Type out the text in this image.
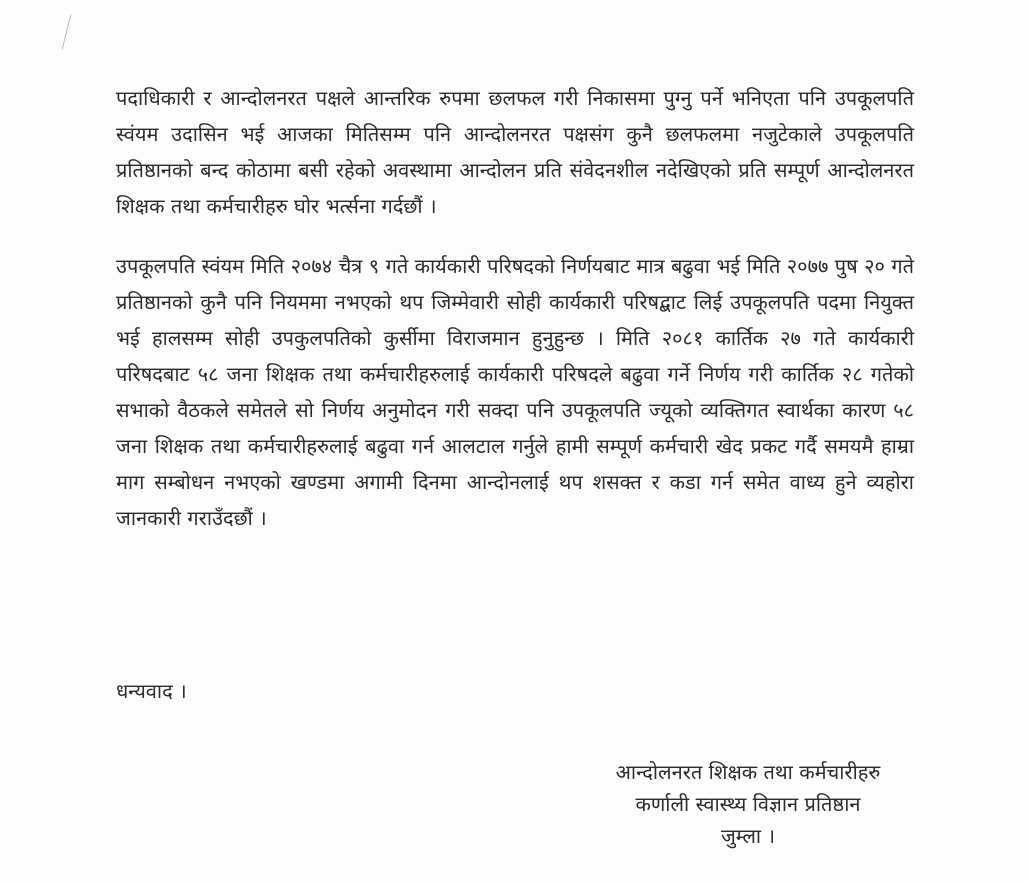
पदाधिकारी र आन्दोलनरत पक्षले आन्तरिक रुपमा छलफल गरी निकासमा पुग्नु पर्ने भनिएता पनि उपकूलपति स्वंयम उदासिन भई आजका मितिसम्म पनि आन्दोलनरत पक्षसंग कुनै छलफलमा नजुटेकाले उपकूलपति प्रतिष्ठानको बन्द कोठामा बसी रहेको अवस्थामा आन्दोलन प्रति संवेदनशील नदेखिएको प्रति सम्पूर्ण आन्दोलनरत शिक्षक तथा कर्मचारीहरु घोर भर्त्सना गर्दछौं ।

उपकूलपति स्वंयम मिति २०७४ चैत्र ९ गते कार्यकारी परिषदको निर्णयबाट मात्र बढुवा भई मिति २०७७ पुष २० गते प्रतिष्ठानको कुनै पनि नियममा नभएको थप जिम्मेवारी सोही कार्यकारी परिषद्बाट लिई उपकूलपति पदमा नियुक्त भई हालसम्म सोही उपकुलपतिको कुर्सीमा विराजमान हुनुहुन्छ । मिति २०८१ कार्तिक २७ गते कार्यकारी परिषदबाट ५८ जना शिक्षक तथा कर्मचारीहरुलाई कार्यकारी परिषदले बढुवा गर्ने निर्णय गरी कार्तिक २८ गतेको सभाको वैठकले समेतले सो निर्णय अनुमोदन गरी सक्दा पनि उपकूलपति ज्यूको व्यक्तिगत स्वार्थका कारण ५८ जना शिक्षक तथा कर्मचारीहरुलाई बढुवा गर्न आलटाल गर्नुले हामी सम्पूर्ण कर्मचारी खेद प्रकट गर्दै समयमै हाम्रा माग सम्बोधन नभएको खण्डमा अगामी दिनमा आन्दोनलाई थप शसक्त र कडा गर्न समेत वाध्य हुने व्यहोरा जानकारी गराउँदछौं ।

धन्यवाद ।

आन्दोलनरत शिक्षक तथा कर्मचारीहरु

कर्णाली स्वास्थ्य विज्ञान प्रतिष्ठान

जुम्ला ।
